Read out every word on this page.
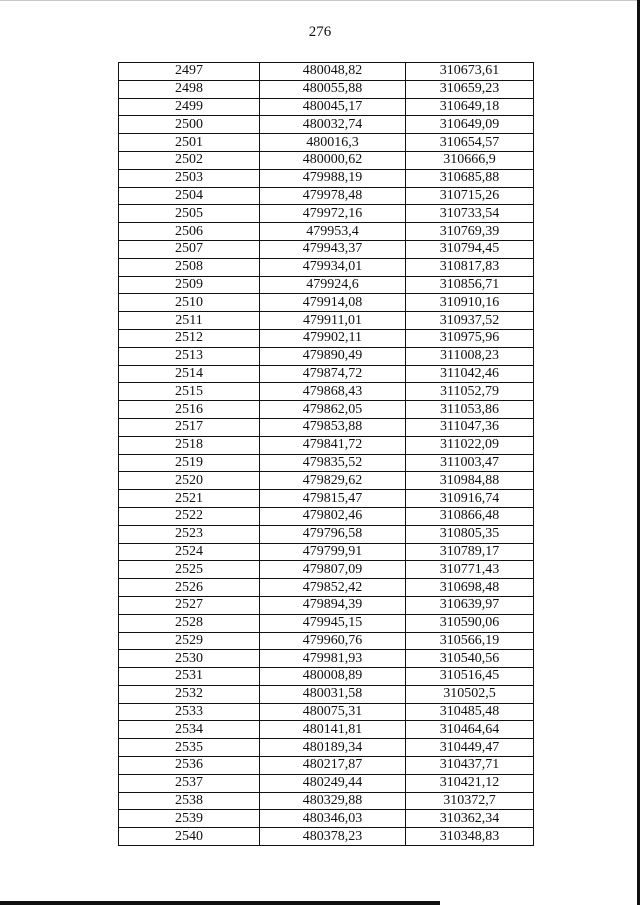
276
2497	480048,82	310673,61
2498	480055,88	310659,23
2499	480045,17	310649,18
2500	480032,74	310649,09
2501	480016,3	310654,57
2502	480000,62	310666,9
2503	479988,19	310685,88
2504	479978,48	310715,26
2505	479972,16	310733,54
2506	479953,4	310769,39
2507	479943,37	310794,45
2508	479934,01	310817,83
2509	479924,6	310856,71
2510	479914,08	310910,16
2511	479911,01	310937,52
2512	479902,11	310975,96
2513	479890,49	311008,23
2514	479874,72	311042,46
2515	479868,43	311052,79
2516	479862,05	311053,86
2517	479853,88	311047,36
2518	479841,72	311022,09
2519	479835,52	311003,47
2520	479829,62	310984,88
2521	479815,47	310916,74
2522	479802,46	310866,48
2523	479796,58	310805,35
2524	479799,91	310789,17
2525	479807,09	310771,43
2526	479852,42	310698,48
2527	479894,39	310639,97
2528	479945,15	310590,06
2529	479960,76	310566,19
2530	479981,93	310540,56
2531	480008,89	310516,45
2532	480031,58	310502,5
2533	480075,31	310485,48
2534	480141,81	310464,64
2535	480189,34	310449,47
2536	480217,87	310437,71
2537	480249,44	310421,12
2538	480329,88	310372,7
2539	480346,03	310362,34
2540	480378,23	310348,83
